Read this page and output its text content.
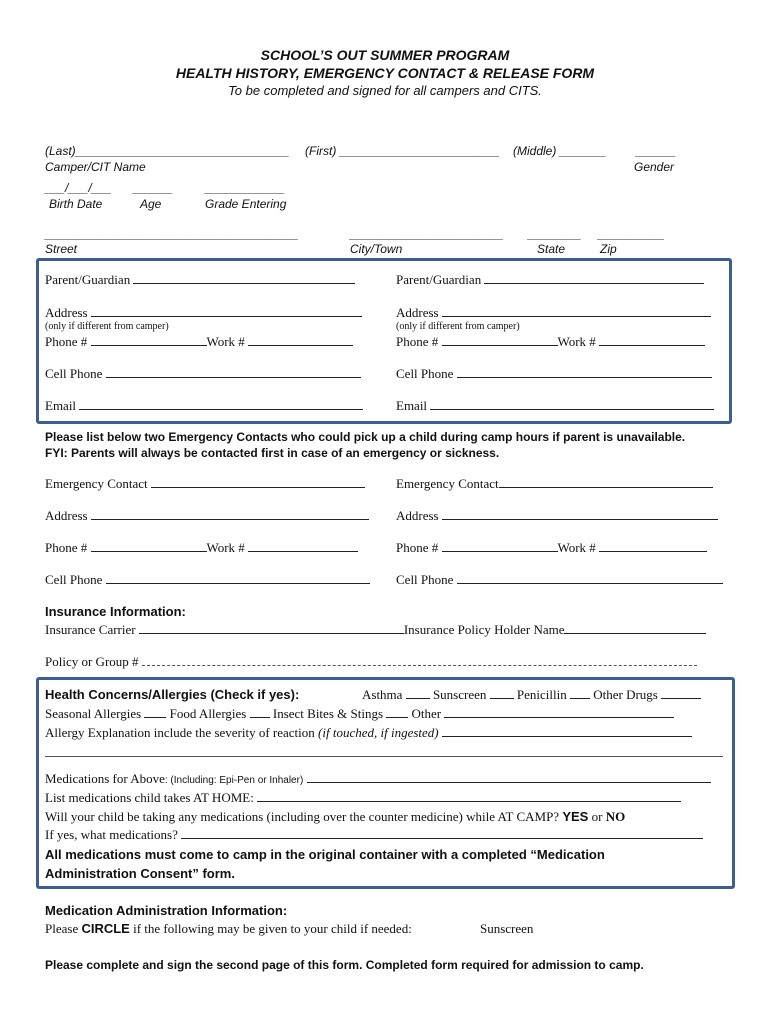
SCHOOL’S OUT SUMMER PROGRAM
HEALTH HISTORY, EMERGENCY CONTACT & RELEASE FORM
To be completed and signed for all campers and CITS.
(Last)________________________________ (First) ________________________ (Middle) _______ ______
Camper/CIT Name	Gender
___/___/___ ______	____________
Birth Date	Age	Grade Entering
______________________________________	_______________________ ________ __________
Street	City/Town	State	Zip
Parent/Guardian
Address
(only if different from camper)
Phone #	Work #
Cell Phone
Email
Parent/Guardian
Address
(only if different from camper)
Phone #	Work #
Cell Phone
Email
Please list below two Emergency Contacts who could pick up a child during camp hours if parent is unavailable.
FYI: Parents will always be contacted first in case of an emergency or sickness.
Emergency Contact
Address
Phone #	Work #
Cell Phone
Emergency Contact
Address
Phone #	Work #
Cell Phone
Insurance Information:
Insurance Carrier	Insurance Policy Holder Name
Policy or Group #
Health Concerns/Allergies (Check if yes):	Asthma Sunscreen Penicillin Other Drugs
Seasonal Allergies Food Allergies Insect Bites & Stings Other
Allergy Explanation include the severity of reaction (if touched, if ingested)
Medications for Above: (Including: Epi-Pen or Inhaler)
List medications child takes AT HOME:
Will your child be taking any medications (including over the counter medicine) while AT CAMP? YES or NO
If yes, what medications?
All medications must come to camp in the original container with a completed “Medication
Administration Consent” form.
Medication Administration Information:
Please CIRCLE if the following may be given to your child if needed:	Sunscreen
Please complete and sign the second page of this form. Completed form required for admission to camp.
